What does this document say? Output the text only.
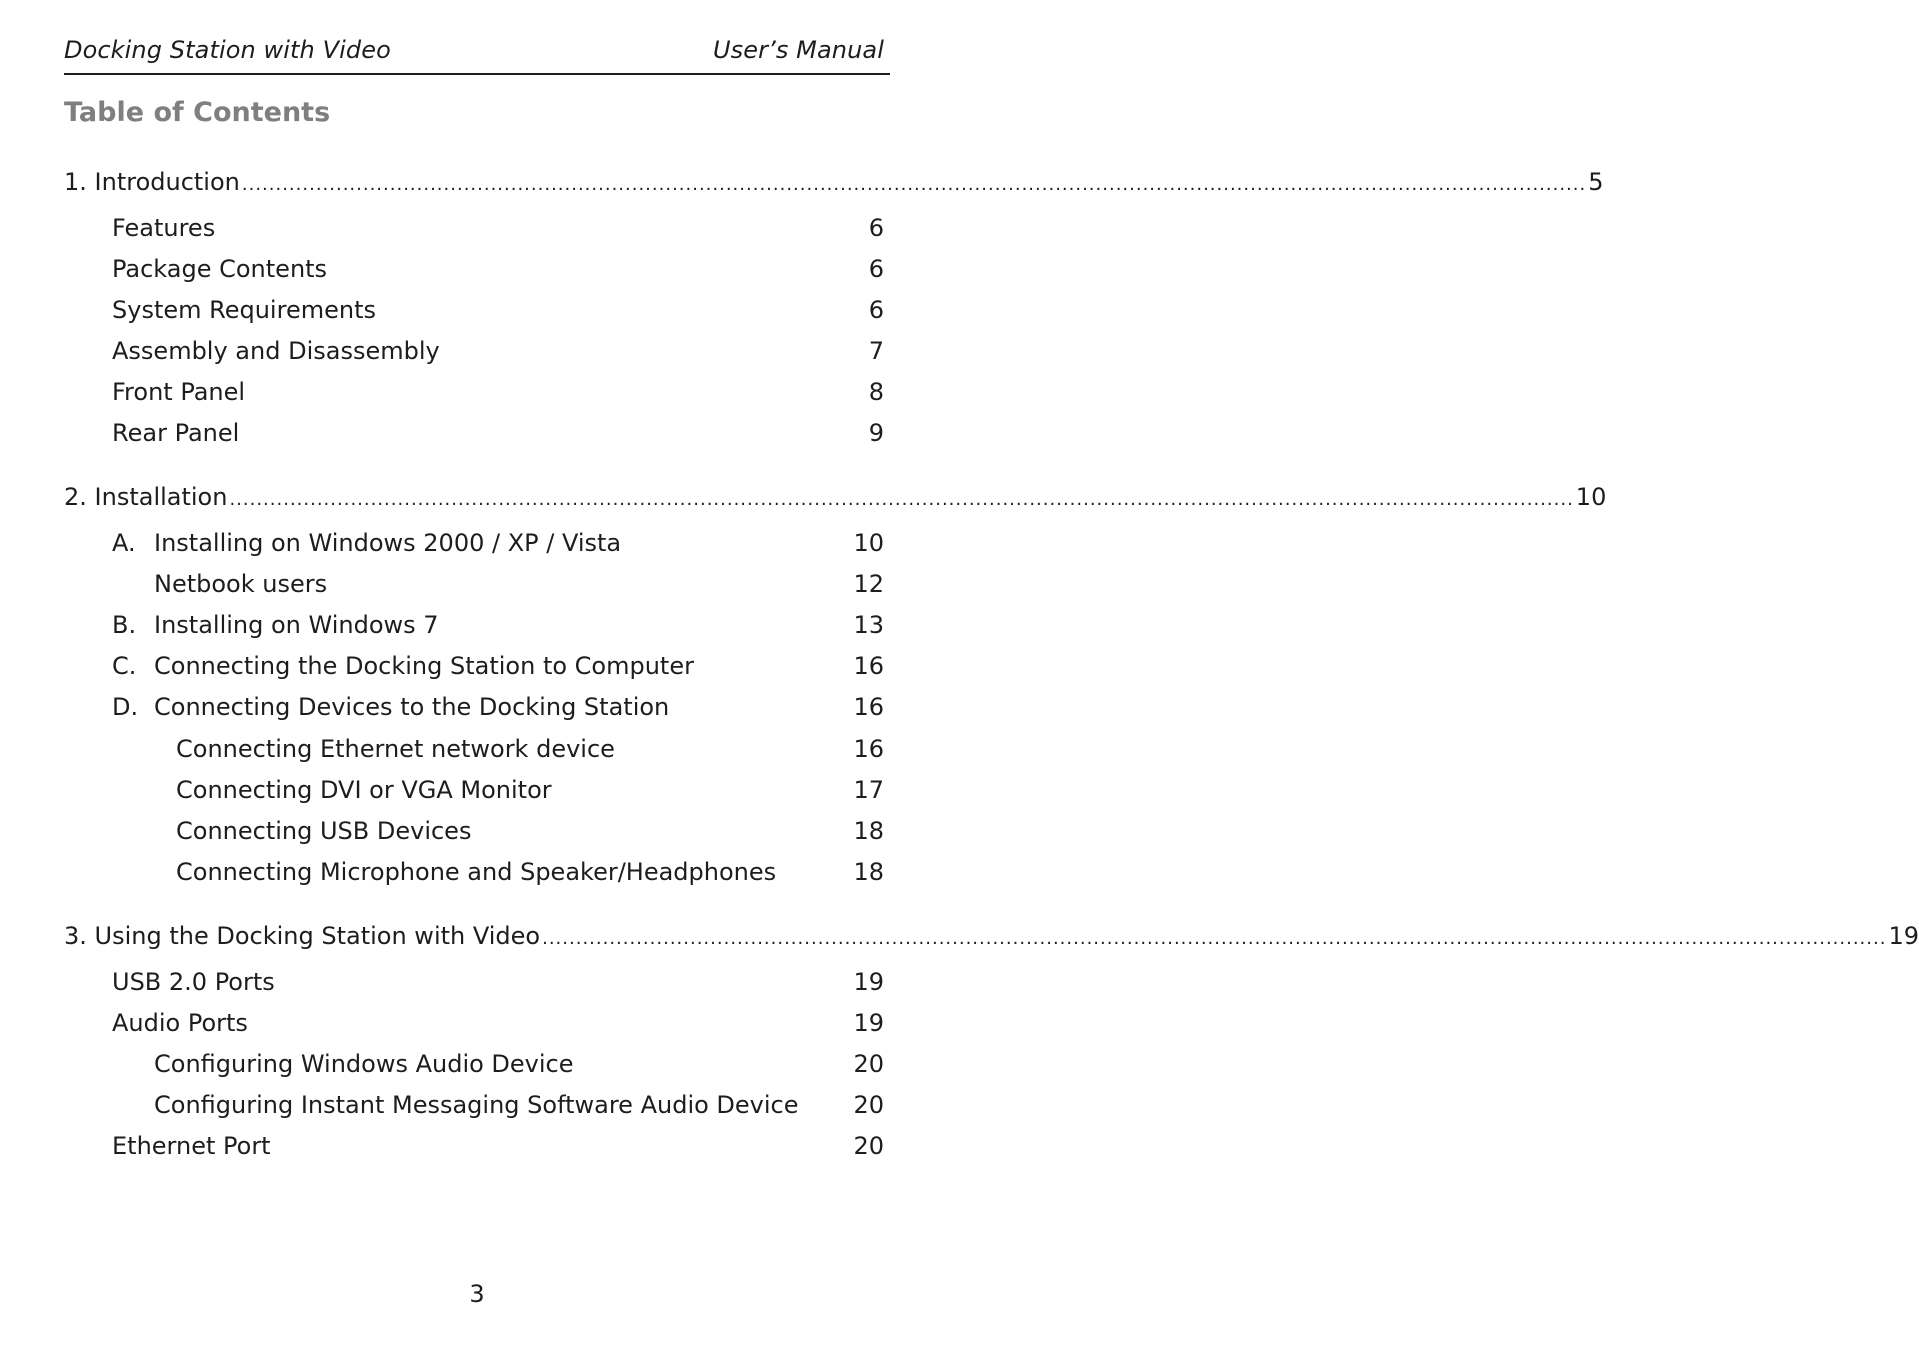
Docking Station with Video	User’s Manual
Table of Contents
1. Introduction ........................................................................................................................................................................................................ 5
Features	6
Package Contents	6
System Requirements	6
Assembly and Disassembly	7
Front Panel	8
Rear Panel	9
2. Installation ........................................................................................................................................................................................................ 10
A. Installing on Windows 2000 / XP / Vista	10
Netbook users	12
B. Installing on Windows 7	13
C. Connecting the Docking Station to Computer	16
D. Connecting Devices to the Docking Station	16
Connecting Ethernet network device	16
Connecting DVI or VGA Monitor	17
Connecting USB Devices	18
Connecting Microphone and Speaker/Headphones	18
3. Using the Docking Station with Video ........................................................................................................................................................................................................ 19
USB 2.0 Ports	19
Audio Ports	19
Configuring Windows Audio Device	20
Configuring Instant Messaging Software Audio Device 20
Ethernet Port	20
3
